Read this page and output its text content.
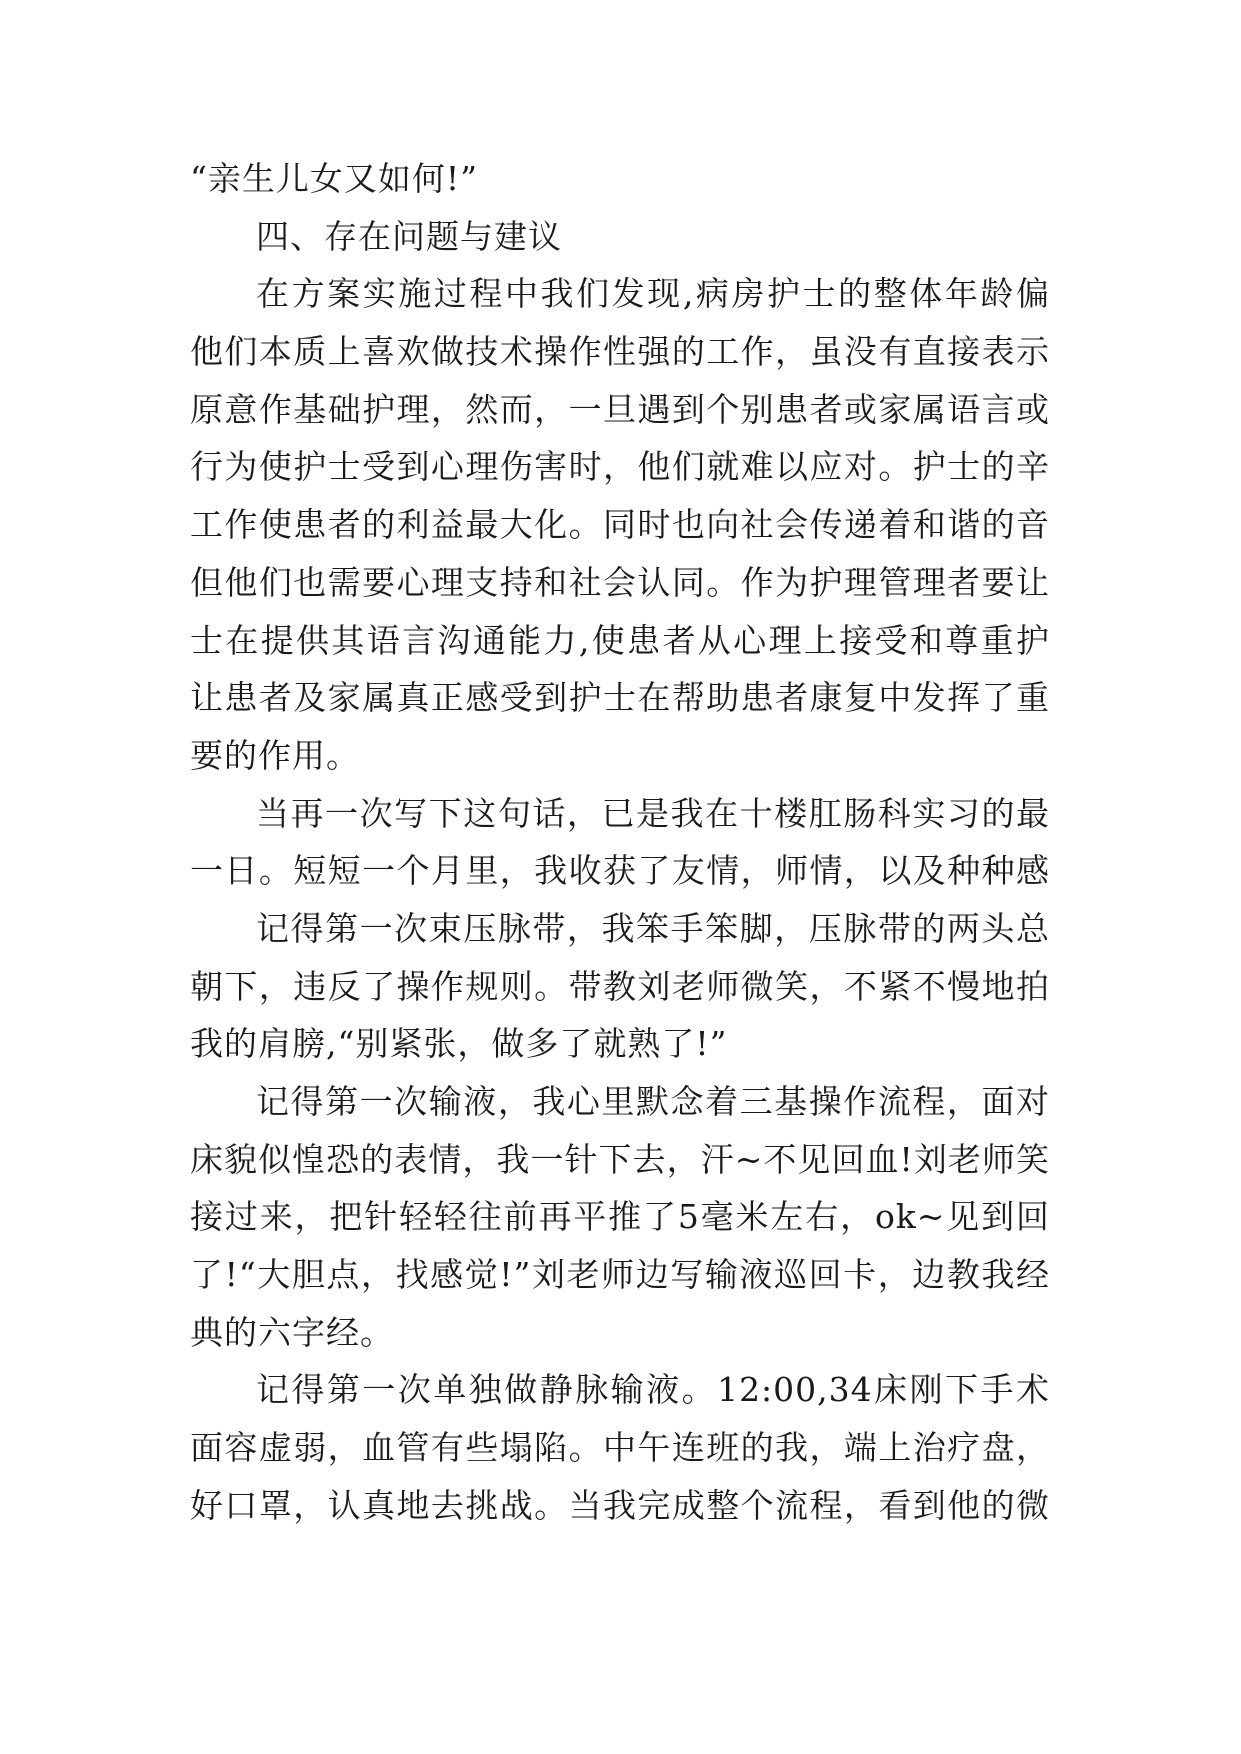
“亲生儿女又如何!”
四、存在问题与建议
在方案实施过程中我们发现,病房护士的整体年龄偏
他们本质上喜欢做技术操作性强的工作，虽没有直接表示
原意作基础护理，然而，一旦遇到个别患者或家属语言或
行为使护士受到心理伤害时，他们就难以应对。护士的辛
工作使患者的利益最大化。同时也向社会传递着和谐的音
但他们也需要心理支持和社会认同。作为护理管理者要让
士在提供其语言沟通能力,使患者从心理上接受和尊重护
让患者及家属真正感受到护士在帮助患者康复中发挥了重
要的作用。
当再一次写下这句话，已是我在十楼肛肠科实习的最
一日。短短一个月里，我收获了友情，师情，以及种种感
记得第一次束压脉带，我笨手笨脚，压脉带的两头总
朝下，违反了操作规则。带教刘老师微笑，不紧不慢地拍
我的肩膀,“别紧张，做多了就熟了!”
记得第一次输液，我心里默念着三基操作流程，面对
床貌似惶恐的表情，我一针下去，汗~不见回血!刘老师笑
接过来，把针轻轻往前再平推了5毫米左右，ok~见到回
了!“大胆点，找感觉!”刘老师边写输液巡回卡，边教我经
典的六字经。
记得第一次单独做静脉输液。12:00,34床刚下手术
面容虚弱，血管有些塌陷。中午连班的我，端上治疗盘，
好口罩，认真地去挑战。当我完成整个流程，看到他的微
